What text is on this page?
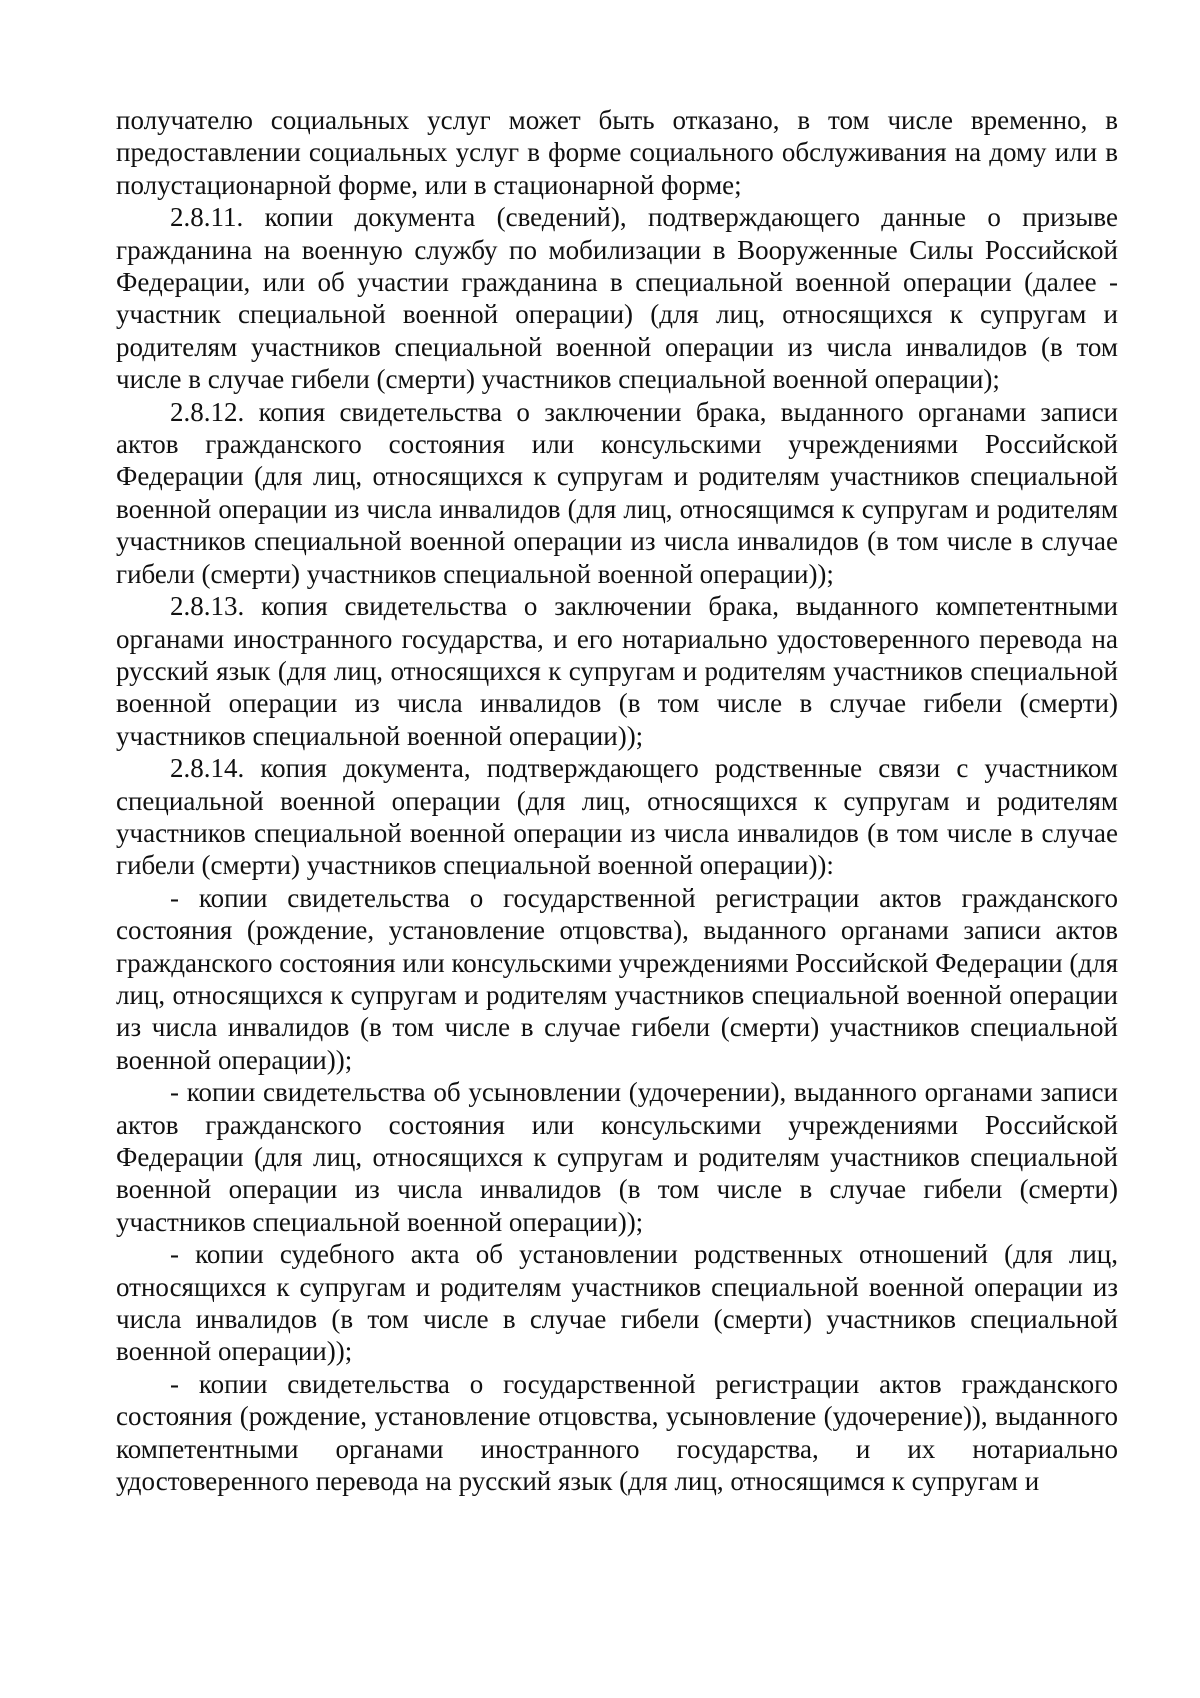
получателю социальных услуг может быть отказано, в том числе временно, в предоставлении социальных услуг в форме социального обслуживания на дому или в полустационарной форме, или в стационарной форме;

2.8.11. копии документа (сведений), подтверждающего данные о призыве гражданина на военную службу по мобилизации в Вооруженные Силы Российской Федерации, или об участии гражданина в специальной военной операции (далее - участник специальной военной операции) (для лиц, относящихся к супругам и родителям участников специальной военной операции из числа инвалидов (в том числе в случае гибели (смерти) участников специальной военной операции);

2.8.12. копия свидетельства о заключении брака, выданного органами записи актов гражданского состояния или консульскими учреждениями Российской Федерации (для лиц, относящихся к супругам и родителям участников специальной военной операции из числа инвалидов (для лиц, относящимся к супругам и родителям участников специальной военной операции из числа инвалидов (в том числе в случае гибели (смерти) участников специальной военной операции));

2.8.13. копия свидетельства о заключении брака, выданного компетентными органами иностранного государства, и его нотариально удостоверенного перевода на русский язык (для лиц, относящихся к супругам и родителям участников специальной военной операции из числа инвалидов (в том числе в случае гибели (смерти) участников специальной военной операции));

2.8.14. копия документа, подтверждающего родственные связи с участником специальной военной операции (для лиц, относящихся к супругам и родителям участников специальной военной операции из числа инвалидов (в том числе в случае гибели (смерти) участников специальной военной операции)):

- копии свидетельства о государственной регистрации актов гражданского состояния (рождение, установление отцовства), выданного органами записи актов гражданского состояния или консульскими учреждениями Российской Федерации (для лиц, относящихся к супругам и родителям участников специальной военной операции из числа инвалидов (в том числе в случае гибели (смерти) участников специальной военной операции));

- копии свидетельства об усыновлении (удочерении), выданного органами записи актов гражданского состояния или консульскими учреждениями Российской Федерации (для лиц, относящихся к супругам и родителям участников специальной военной операции из числа инвалидов (в том числе в случае гибели (смерти) участников специальной военной операции));

- копии судебного акта об установлении родственных отношений (для лиц, относящихся к супругам и родителям участников специальной военной операции из числа инвалидов (в том числе в случае гибели (смерти) участников специальной военной операции));

- копии свидетельства о государственной регистрации актов гражданского состояния (рождение, установление отцовства, усыновление (удочерение)), выданного компетентными органами иностранного государства, и их нотариально удостоверенного перевода на русский язык (для лиц, относящимся к супругам и
